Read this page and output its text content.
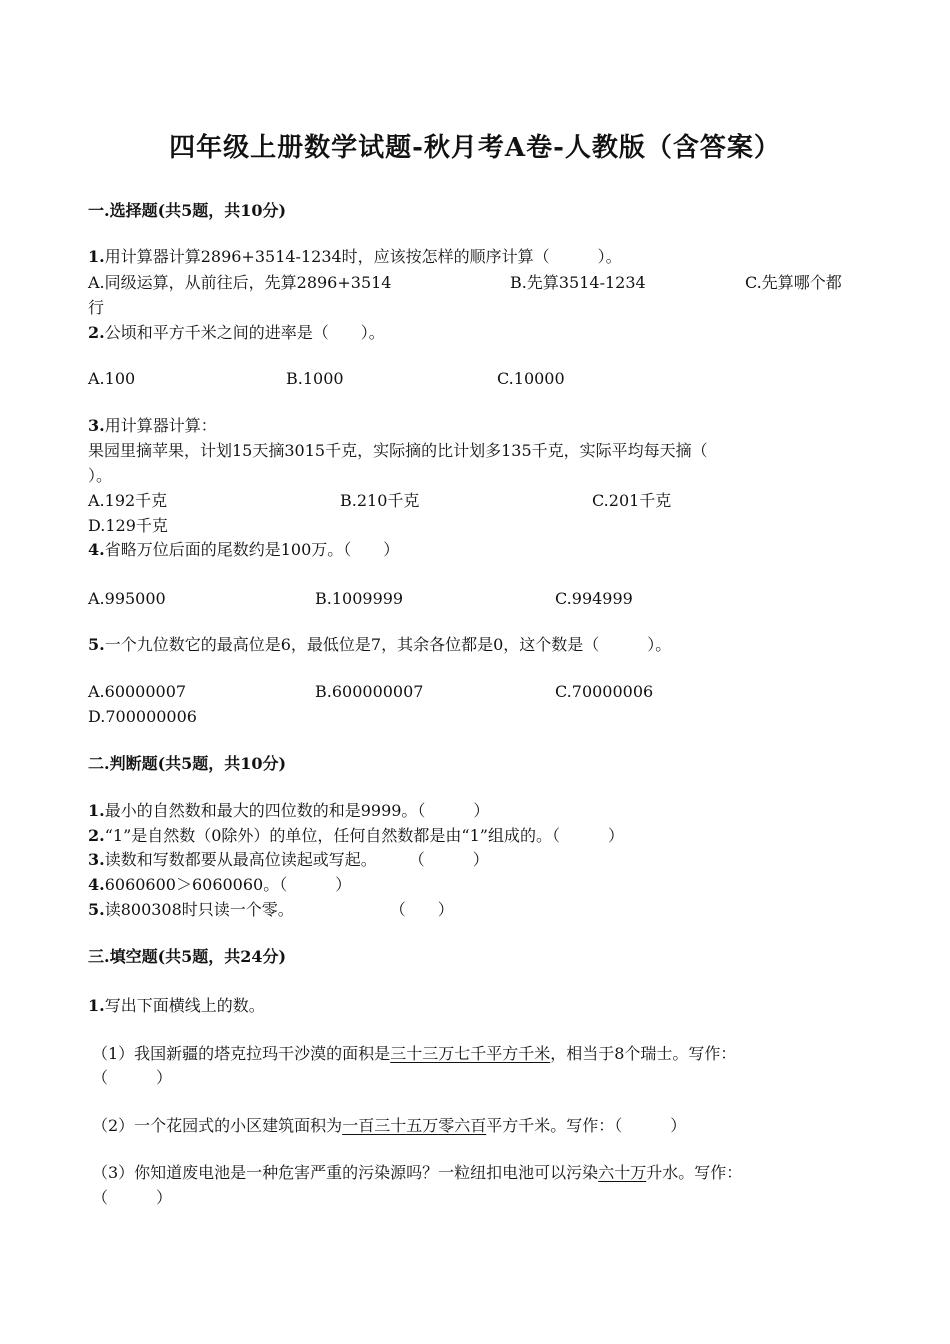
四年级上册数学试题-秋月考A卷-人教版（含答案）
一.选择题(共5题，共10分)
1.用计算器计算2896+3514-1234时，应该按怎样的顺序计算（　　　）。
A.同级运算，从前往后，先算2896+3514	B.先算3514-1234	C.先算哪个都
行
2.公顷和平方千米之间的进率是（　　）。
A.100	B.1000	C.10000
3.用计算器计算：
果园里摘苹果，计划15天摘3015千克，实际摘的比计划多135千克，实际平均每天摘（
）。
A.192千克	B.210千克	C.201千克
D.129千克
4.省略万位后面的尾数约是100万。（　　）
A.995000	B.1009999	C.994999
5.一个九位数它的最高位是6，最低位是7，其余各位都是0，这个数是（　　　）。
A.60000007	B.600000007	C.70000006
D.700000006
二.判断题(共5题，共10分)
1.最小的自然数和最大的四位数的和是9999。（　　　）
2.“1”是自然数（0除外）的单位，任何自然数都是由“1”组成的。（　　　）
3.读数和写数都要从最高位读起或写起。　　　（　　　）
4.6060600＞6060060。（　　　）
5.读800308时只读一个零。　　　　　　　（　　）
三.填空题(共5题，共24分)
1.写出下面横线上的数。
（1）我国新疆的塔克拉玛干沙漠的面积是三十三万七千平方千米，相当于8个瑞士。写作：
（　　　）
（2）一个花园式的小区建筑面积为一百三十五万零六百平方千米。写作：（　　　）
（3）你知道废电池是一种危害严重的污染源吗？一粒纽扣电池可以污染六十万升水。写作：
（　　　）
